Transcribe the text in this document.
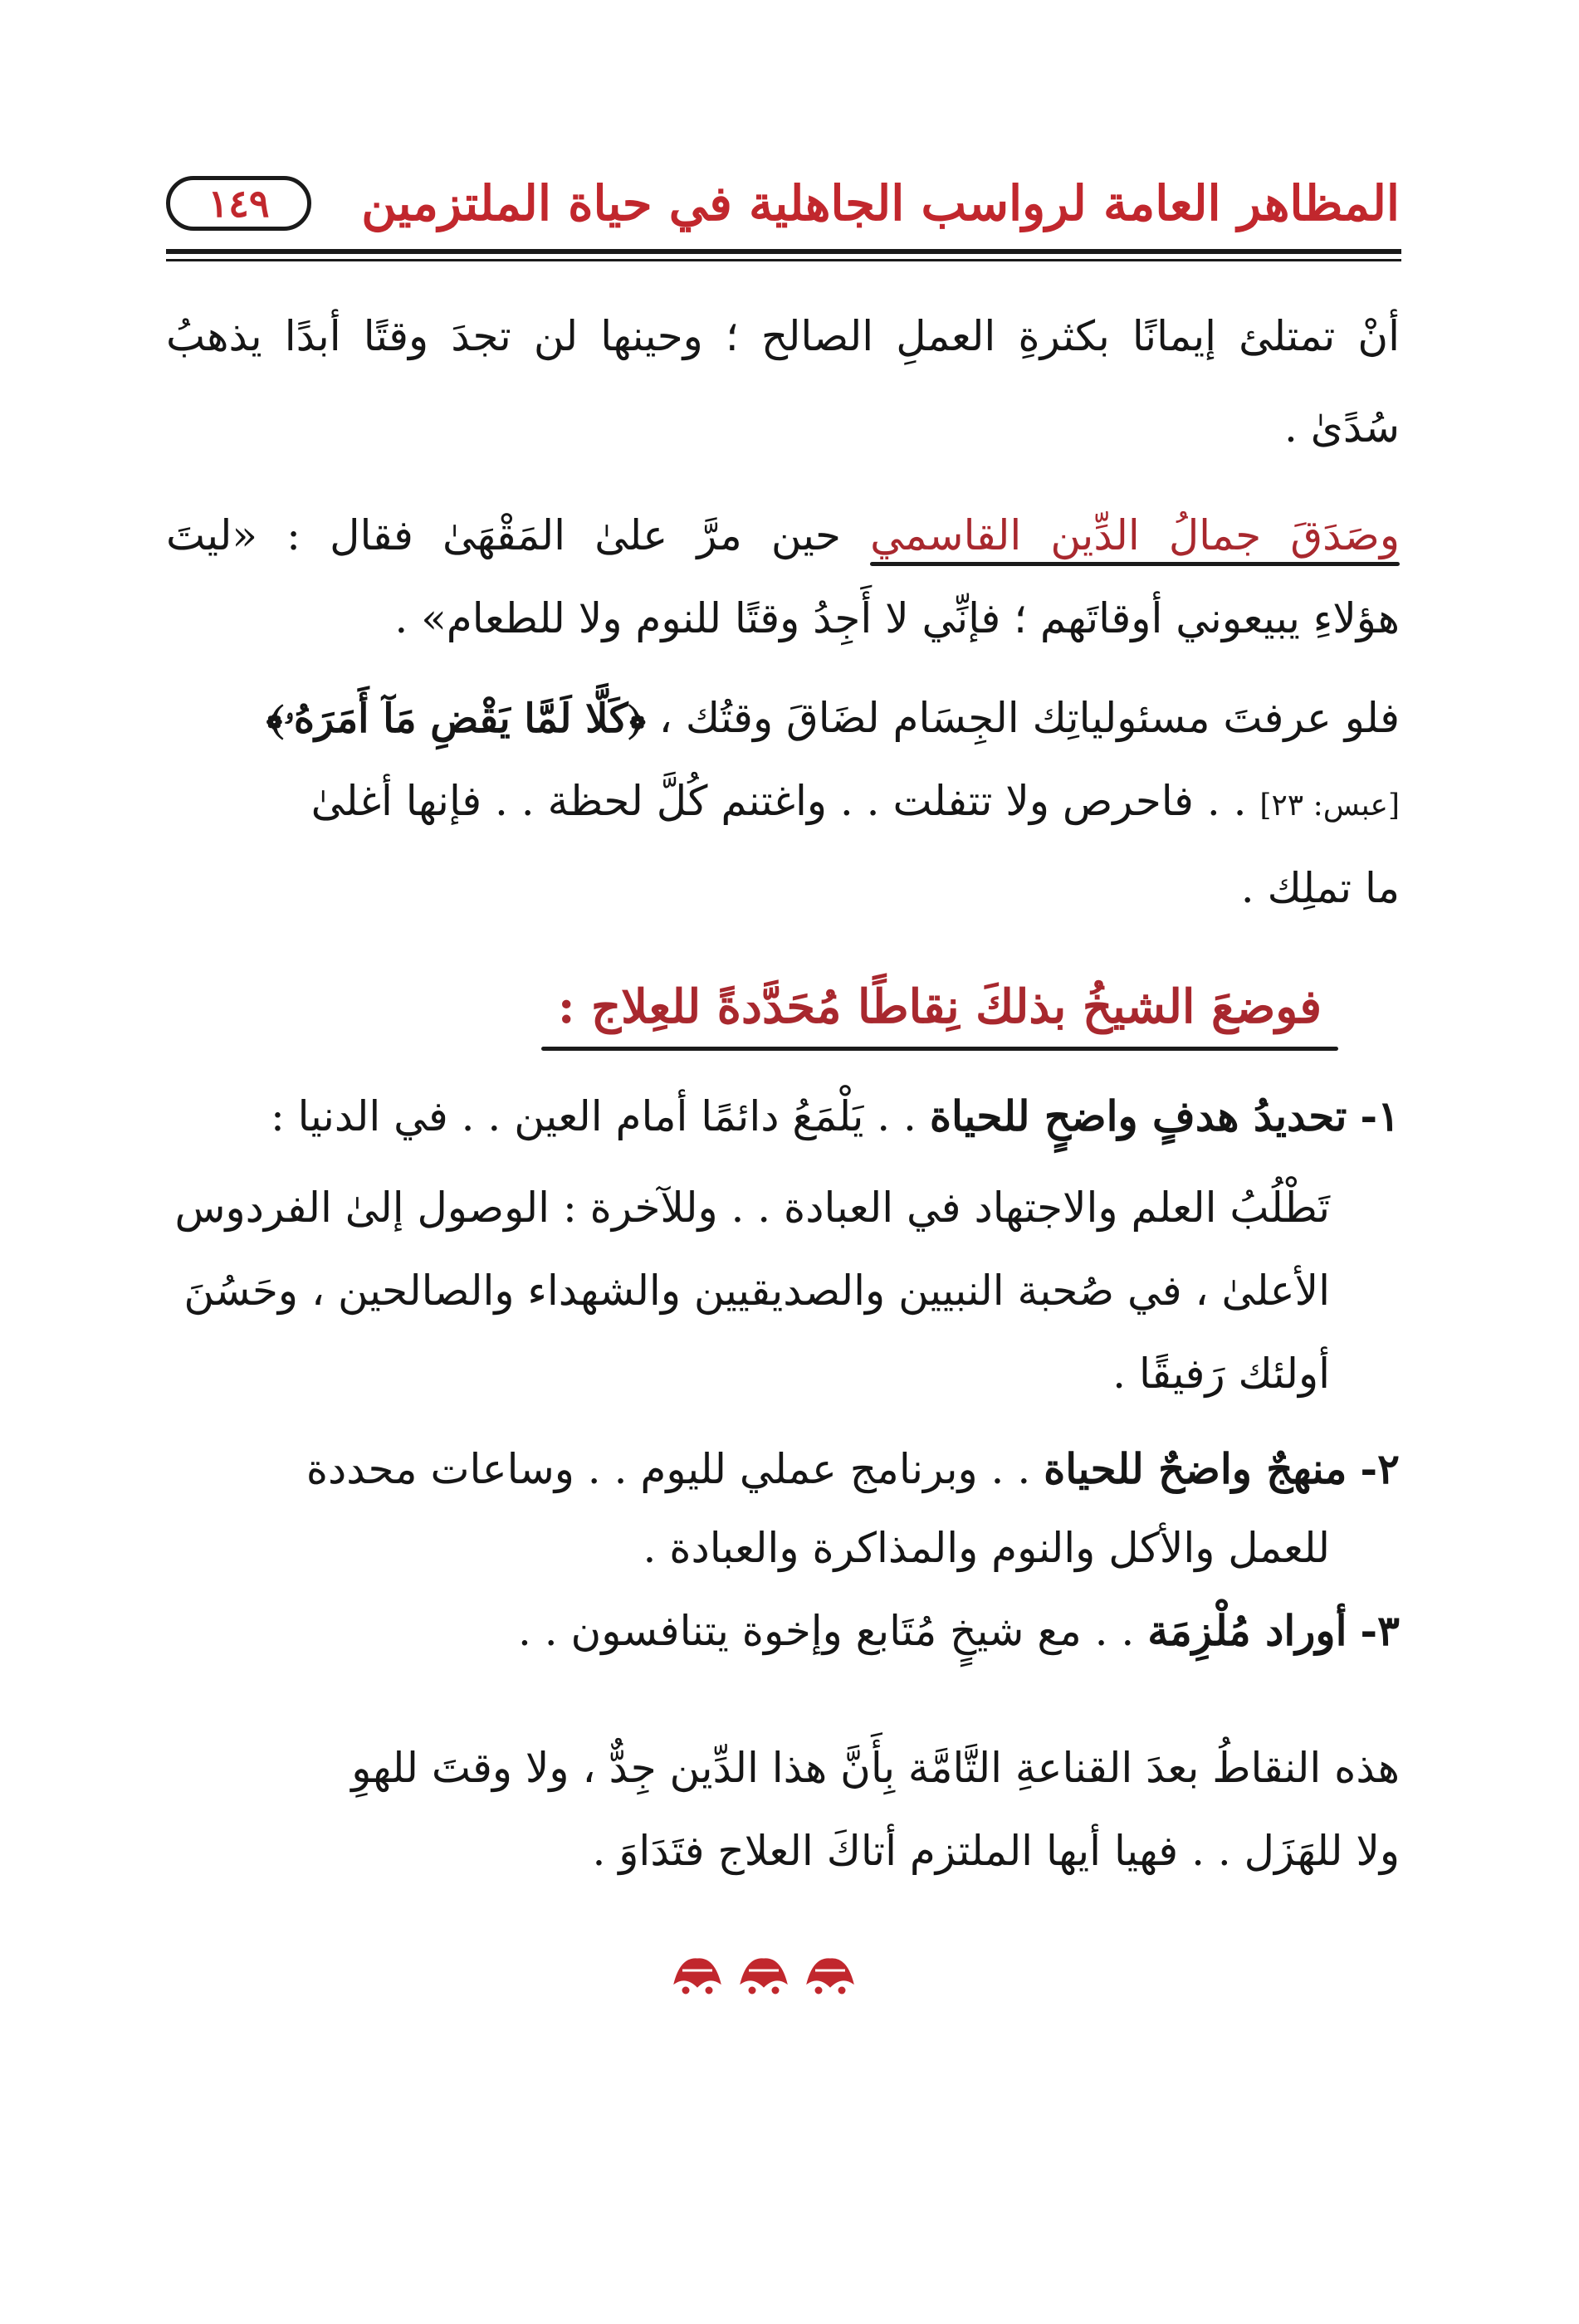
المظاهر العامة لرواسب الجاهلية في حياة الملتزمين
١٤٩
أنْ تمتلئ إيمانًا بكثرةِ العملِ الصالح ؛ وحينها لن تجدَ وقتًا أبدًا يذهبُ
سُدًىٰ .
وصَدَقَ جمالُ الدِّين القاسمي حين مرَّ علىٰ المَقْهَىٰ فقال : «ليتَ
هؤلاءِ يبيعوني أوقاتَهم ؛ فإنِّي لا أَجِدُ وقتًا للنوم ولا للطعام» .
فلو عرفتَ مسئولياتِك الجِسَام لضَاقَ وقتُك ، ﴿كَلَّا لَمَّا يَقْضِ مَآ أَمَرَهُۥ﴾
[عبس: ٢٣] . . فاحرص ولا تتفلت . . واغتنم كُلَّ لحظة . . فإنها أغلىٰ
ما تملِك .
فوضعَ الشيخُ بذلكَ نِقاطًا مُحَدَّدةً للعِلاج :
١- تحديدُ هدفٍ واضحٍ للحياة . . يَلْمَعُ دائمًا أمام العين . . في الدنيا :
تَطْلُبُ العلم والاجتهاد في العبادة . . وللآخرة : الوصول إلىٰ الفردوس
الأعلىٰ ، في صُحبة النبيين والصديقيين والشهداء والصالحين ، وحَسُنَ
أولئك رَفيقًا .
٢- منهجٌ واضحٌ للحياة . . وبرنامج عملي لليوم . . وساعات محددة
للعمل والأكل والنوم والمذاكرة والعبادة .
٣- أوراد مُلْزِمَة . . مع شيخٍ مُتَابع وإخوة يتنافسون . .
هذه النقاطُ بعدَ القناعةِ التَّامَّة بِأَنَّ هذا الدِّين جِدٌّ ، ولا وقتَ للهوِ
ولا للهَزَل . . فهيا أيها الملتزم أتاكَ العلاج فتَدَاوَ .
